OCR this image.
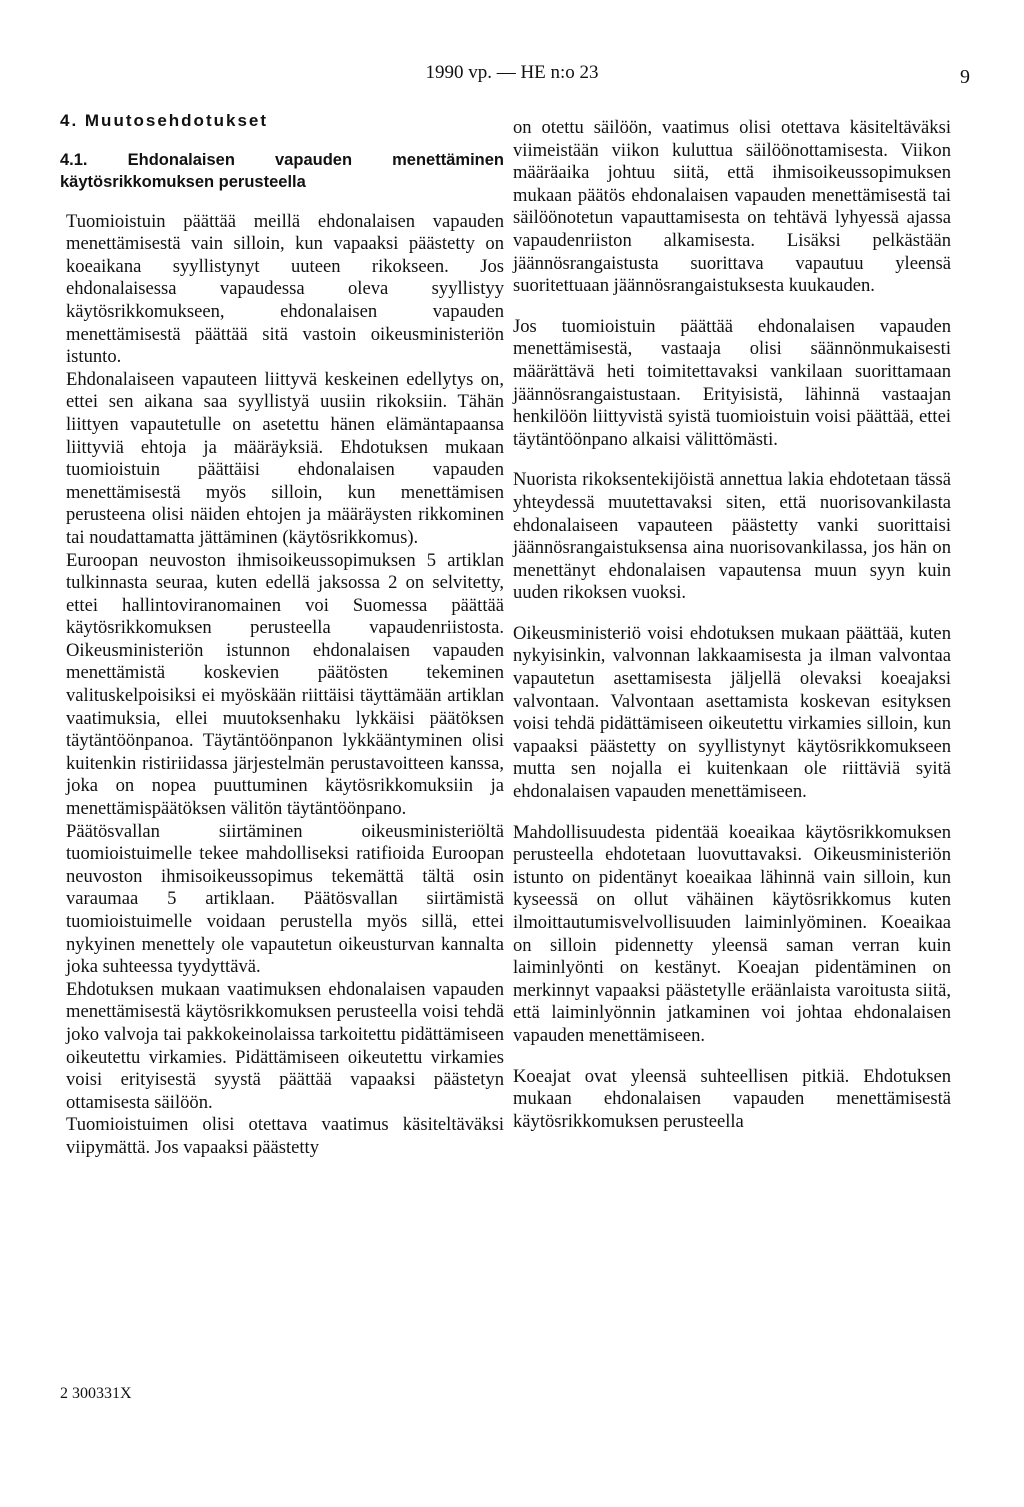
1990 vp. — HE n:o 23	9
4. Muutosehdotukset
4.1. Ehdonalaisen vapauden menettäminen käytösrikkomuksen perusteella

Tuomioistuin päättää meillä ehdonalaisen vapauden menettämisestä vain silloin, kun vapaaksi päästetty on koeaikana syyllistynyt uuteen rikokseen. Jos ehdonalaisessa vapaudessa oleva syyllistyy käytösrikkomukseen, ehdonalaisen vapauden menettämisestä päättää sitä vastoin oikeusministeriön istunto.

Ehdonalaiseen vapauteen liittyvä keskeinen edellytys on, ettei sen aikana saa syyllistyä uusiin rikoksiin. Tähän liittyen vapautetulle on asetettu hänen elämäntapaansa liittyviä ehtoja ja määräyksiä. Ehdotuksen mukaan tuomioistuin päättäisi ehdonalaisen vapauden menettämisestä myös silloin, kun menettämisen perusteena olisi näiden ehtojen ja määräysten rikkominen tai noudattamatta jättäminen (käytösrikkomus).

Euroopan neuvoston ihmisoikeussopimuksen 5 artiklan tulkinnasta seuraa, kuten edellä jaksossa 2 on selvitetty, ettei hallintoviranomainen voi Suomessa päättää käytösrikkomuksen perusteella vapaudenriistosta. Oikeusministeriön istunnon ehdonalaisen vapauden menettämistä koskevien päätösten tekeminen valituskelpoisiksi ei myöskään riittäisi täyttämään artiklan vaatimuksia, ellei muutoksenhaku lykkäisi päätöksen täytäntöönpanoa. Täytäntöönpanon lykkääntyminen olisi kuitenkin ristiriidassa järjestelmän perustavoitteen kanssa, joka on nopea puuttuminen käytösrikkomuksiin ja menettämispäätöksen välitön täytäntöönpano.

Päätösvallan siirtäminen oikeusministeriöltä tuomioistuimelle tekee mahdolliseksi ratifioida Euroopan neuvoston ihmisoikeussopimus tekemättä tältä osin varaumaa 5 artiklaan. Päätösvallan siirtämistä tuomioistuimelle voidaan perustella myös sillä, ettei nykyinen menettely ole vapautetun oikeusturvan kannalta joka suhteessa tyydyttävä.

Ehdotuksen mukaan vaatimuksen ehdonalaisen vapauden menettämisestä käytösrikkomuksen perusteella voisi tehdä joko valvoja tai pakkokeinolaissa tarkoitettu pidättämiseen oikeutettu virkamies. Pidättämiseen oikeutettu virkamies voisi erityisestä syystä päättää vapaaksi päästetyn ottamisesta säilöön.

Tuomioistuimen olisi otettava vaatimus käsiteltäväksi viipymättä. Jos vapaaksi päästetty

on otettu säilöön, vaatimus olisi otettava käsiteltäväksi viimeistään viikon kuluttua säilöönottamisesta. Viikon määräaika johtuu siitä, että ihmisoikeussopimuksen mukaan päätös ehdonalaisen vapauden menettämisestä tai säilöönotetun vapauttamisesta on tehtävä lyhyessä ajassa vapaudenriiston alkamisesta. Lisäksi pelkästään jäännösrangaistusta suorittava vapautuu yleensä suoritettuaan jäännösrangaistuksesta kuukauden.

Jos tuomioistuin päättää ehdonalaisen vapauden menettämisestä, vastaaja olisi säännönmukaisesti määrättävä heti toimitettavaksi vankilaan suorittamaan jäännösrangaistustaan. Erityisistä, lähinnä vastaajan henkilöön liittyvistä syistä tuomioistuin voisi päättää, ettei täytäntöönpano alkaisi välittömästi.

Nuorista rikoksentekijöistä annettua lakia ehdotetaan tässä yhteydessä muutettavaksi siten, että nuorisovankilasta ehdonalaiseen vapauteen päästetty vanki suorittaisi jäännösrangaistuksensa aina nuorisovankilassa, jos hän on menettänyt ehdonalaisen vapautensa muun syyn kuin uuden rikoksen vuoksi.

Oikeusministeriö voisi ehdotuksen mukaan päättää, kuten nykyisinkin, valvonnan lakkaamisesta ja ilman valvontaa vapautetun asettamisesta jäljellä olevaksi koeajaksi valvontaan. Valvontaan asettamista koskevan esityksen voisi tehdä pidättämiseen oikeutettu virkamies silloin, kun vapaaksi päästetty on syyllistynyt käytösrikkomukseen mutta sen nojalla ei kuitenkaan ole riittäviä syitä ehdonalaisen vapauden menettämiseen.

Mahdollisuudesta pidentää koeaikaa käytösrikkomuksen perusteella ehdotetaan luovuttavaksi. Oikeusministeriön istunto on pidentänyt koeaikaa lähinnä vain silloin, kun kyseessä on ollut vähäinen käytösrikkomus kuten ilmoittautumisvelvollisuuden laiminlyöminen. Koeaikaa on silloin pidennetty yleensä saman verran kuin laiminlyönti on kestänyt. Koeajan pidentäminen on merkinnyt vapaaksi päästetylle eräänlaista varoitusta siitä, että laiminlyönnin jatkaminen voi johtaa ehdonalaisen vapauden menettämiseen.

Koeajat ovat yleensä suhteellisen pitkiä. Ehdotuksen mukaan ehdonalaisen vapauden menettämisestä käytösrikkomuksen perusteella

2 300331X
